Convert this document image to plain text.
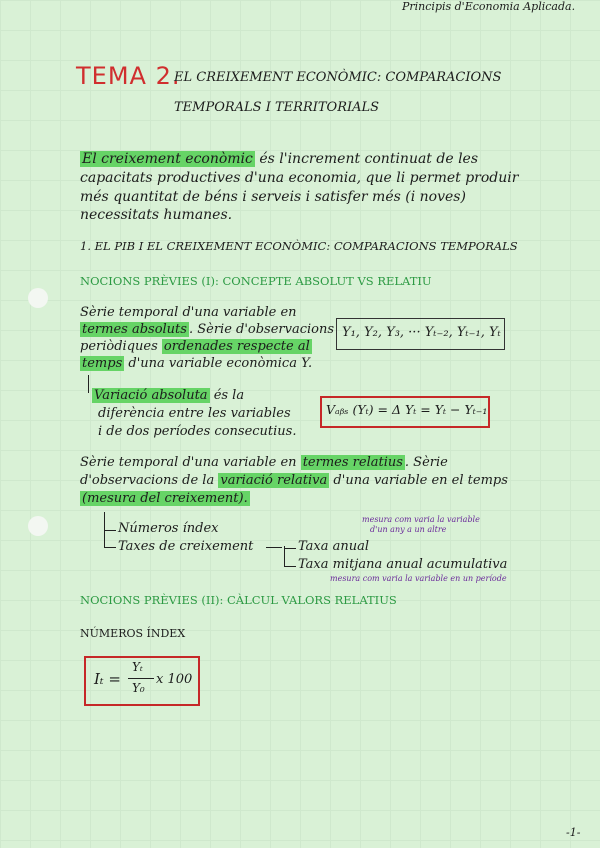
Principis d'Economia Aplicada.
TEMA 2.
EL CREIXEMENT ECONÒMIC: COMPARACIONS
TEMPORALS I TERRITORIALS
El creixement econòmic és l'increment continuat de les
capacitats productives d'una economia, que li permet produir
més quantitat de béns i serveis i satisfer més (i noves)
necessitats humanes.
1. EL PIB I EL CREIXEMENT ECONÒMIC: COMPARACIONS TEMPORALS
NOCIONS PRÈVIES (I): CONCEPTE ABSOLUT VS RELATIU
Sèrie temporal d'una variable en
termes absoluts . Sèrie d'observacions
periòdiques ordenades respecte al
temps d'una variable econòmica Y.
Y₁, Y₂, Y₃, ··· Yₜ₋₂, Yₜ₋₁, Yₜ
Variació absoluta és la
diferència entre les variables
i de dos períodes consecutius.
Vₐᵦₛ (Yₜ) = Δ Yₜ = Yₜ − Yₜ₋₁
Sèrie temporal d'una variable en termes relatius . Sèrie
d'observacions de la variació relativa d'una variable en el temps
(mesura del creixement).
Números índex
Taxes de creixement	Taxa anual
Taxa mitjana anual acumulativa
mesura com varia la variable
d'un any a un altre
mesura com varia la variable en un període
NOCIONS PRÈVIES (II): CÀLCUL VALORS RELATIUS
NÚMEROS ÍNDEX
Iₜ =
Yₜ
Y₀
x 100
-1-
